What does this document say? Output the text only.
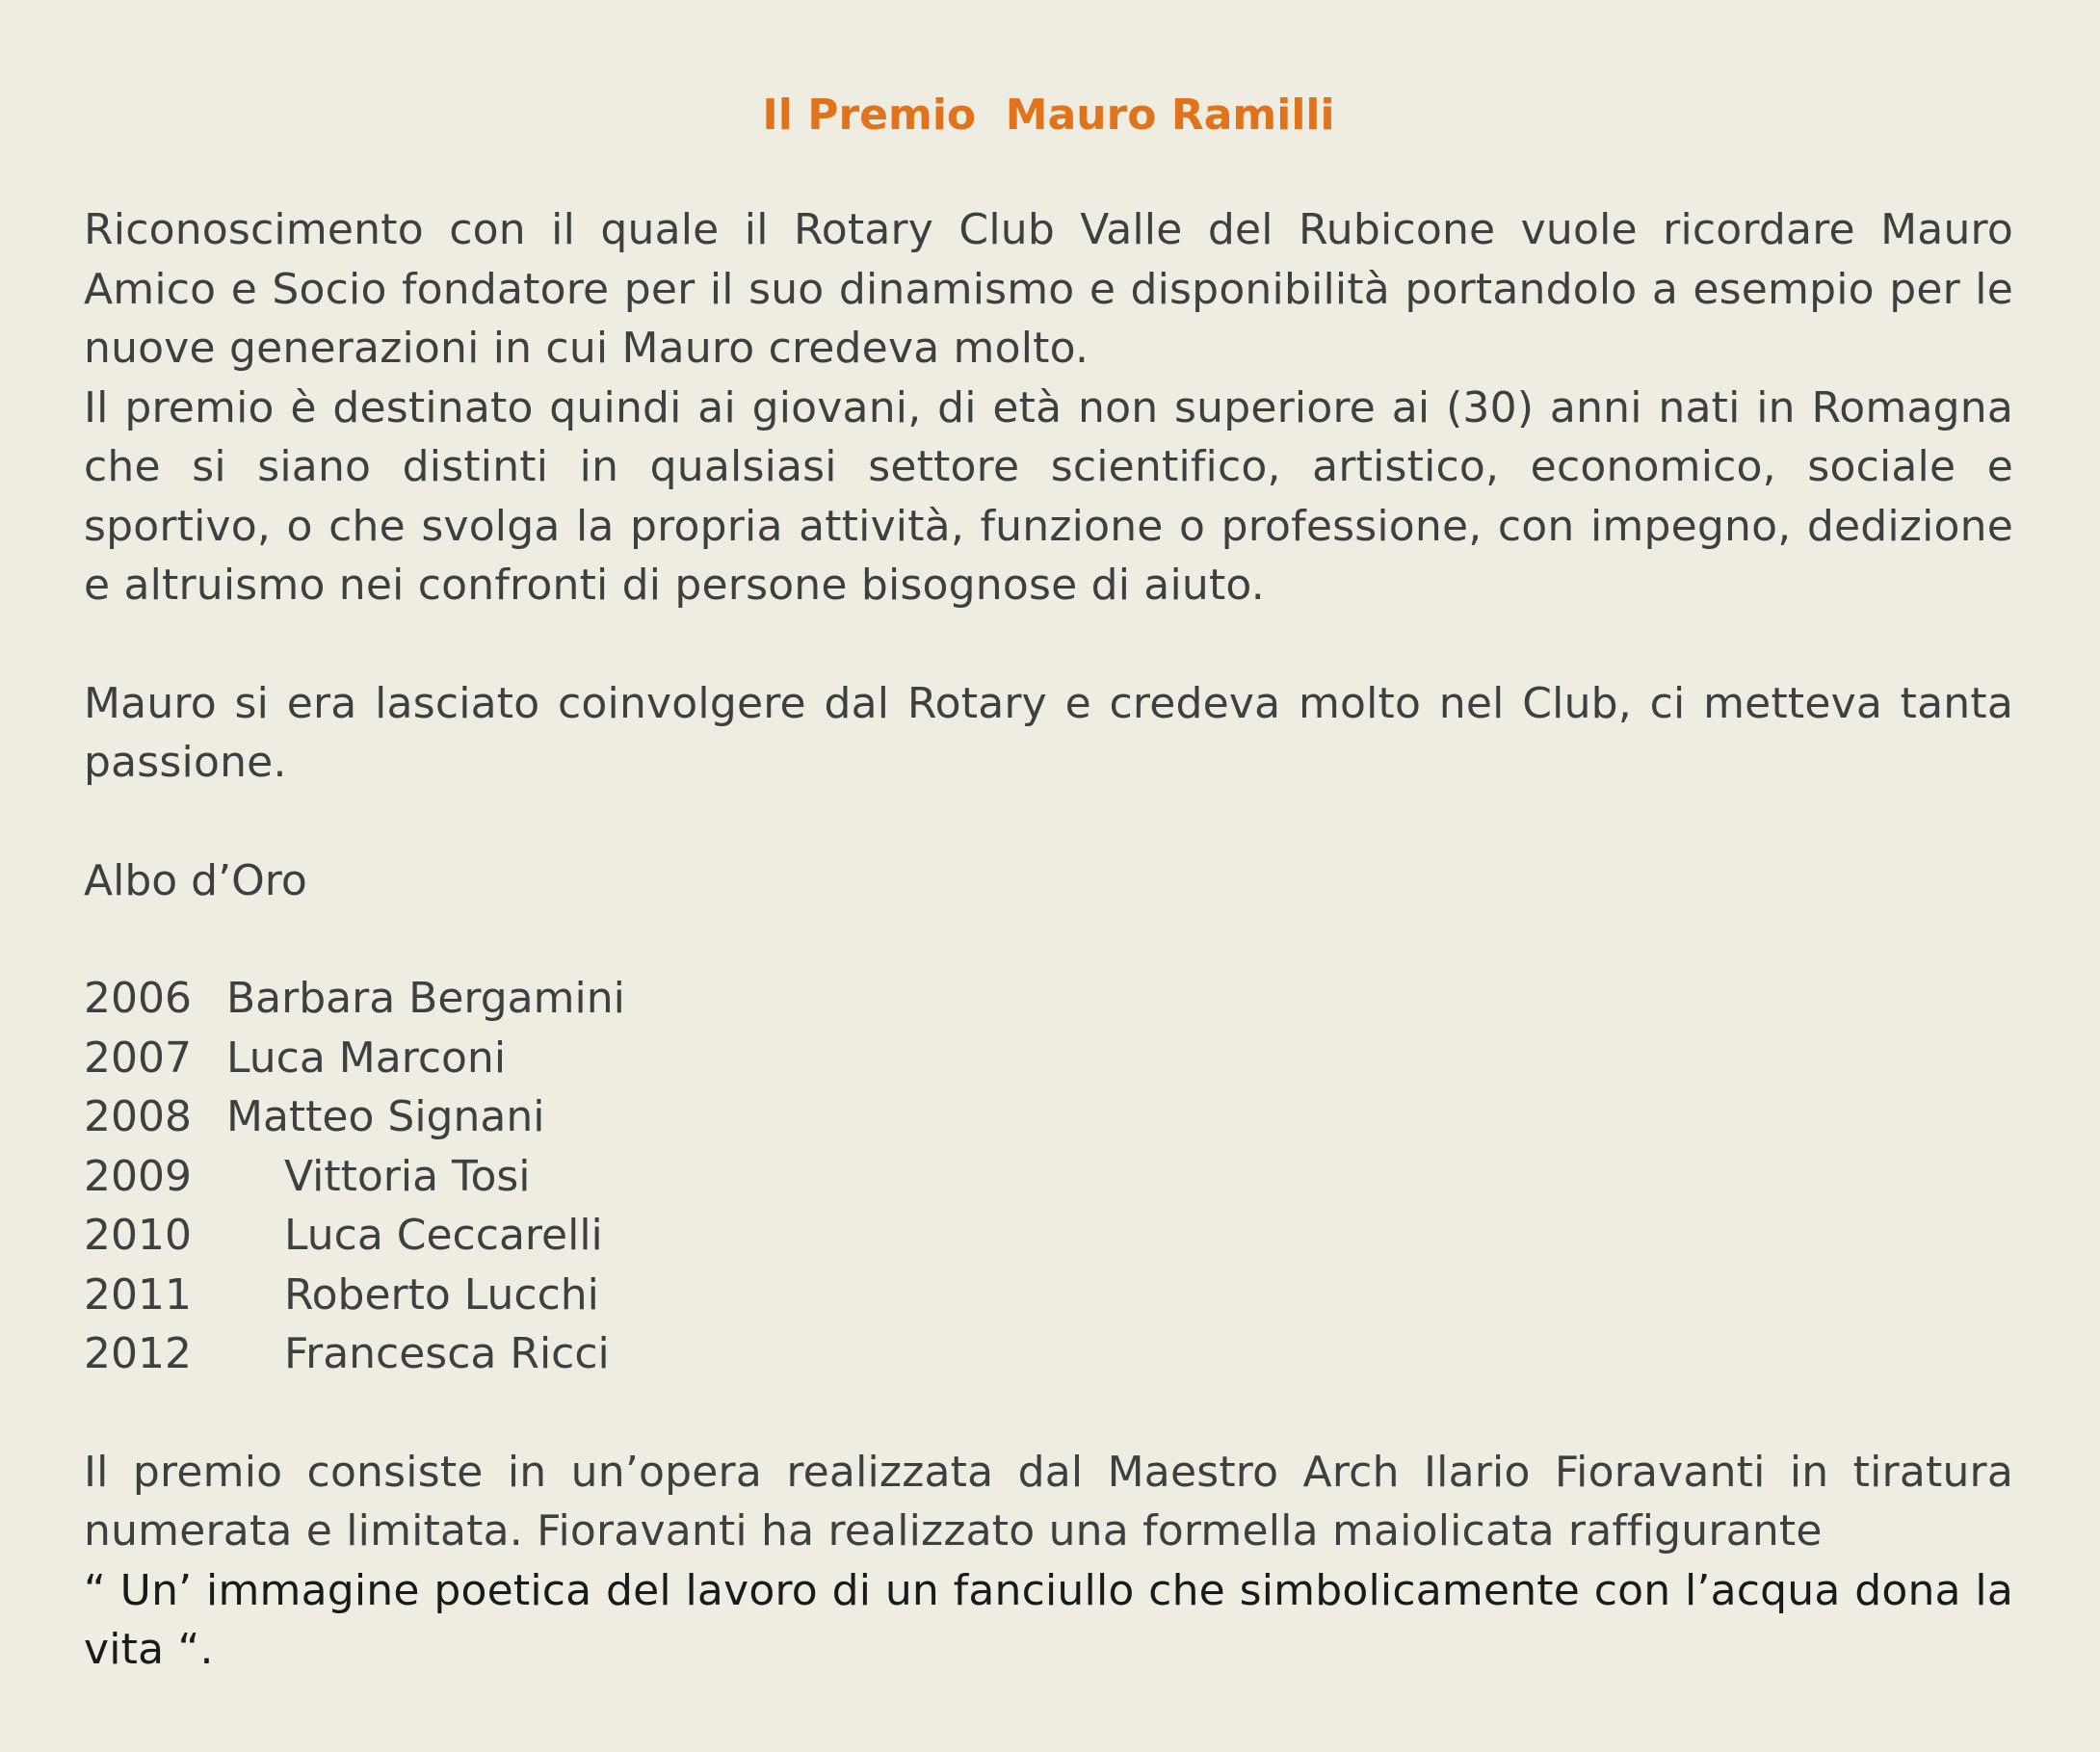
Il Premio  Mauro Ramilli

Riconoscimento con il quale il Rotary Club Valle del Rubicone vuole ricordare Mauro Amico e Socio fondatore per il suo dinamismo e disponibilità portandolo a esempio per le nuove generazioni in cui Mauro credeva molto.

Il premio è destinato quindi ai giovani, di età non superiore ai (30) anni nati in Romagna che si siano distinti in qualsiasi settore scientifico, artistico, economico, sociale e sportivo, o che svolga la propria attività, funzione o professione, con impegno, dedizione e altruismo nei confronti di persone bisognose di aiuto.

Mauro si era lasciato coinvolgere dal Rotary e credeva molto nel Club, ci metteva tanta passione.

Albo d’Oro
2006 Barbara Bergamini
2007 Luca Marconi
2008 Matteo Signani
2009	Vittoria Tosi
2010	Luca Ceccarelli
2011	Roberto Lucchi
2012	Francesca Ricci

Il premio consiste in un’opera realizzata dal Maestro Arch Ilario Fioravanti in tiratura numerata e limitata. Fioravanti ha realizzato una formella maiolicata raffigurante

“ Un’ immagine poetica del lavoro di un fanciullo che simbolicamente con l’acqua dona la vita “.
